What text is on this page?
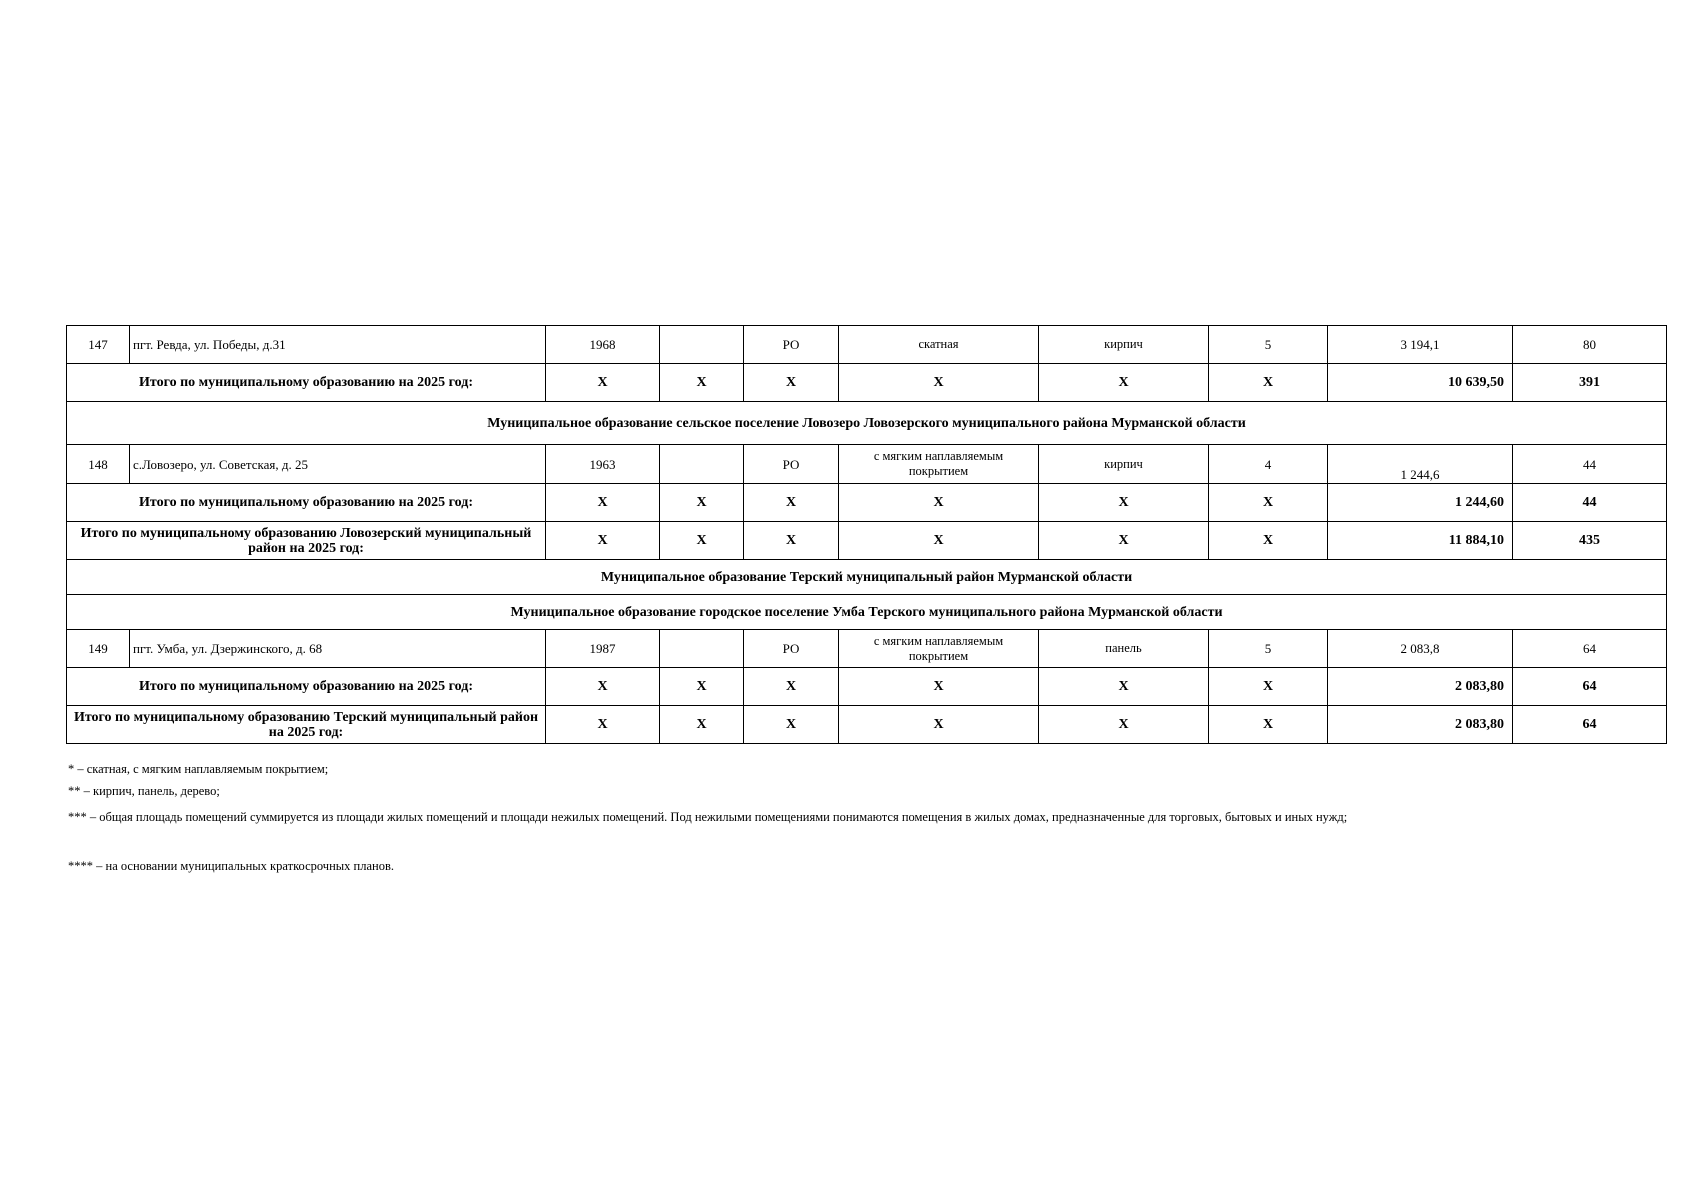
147	пгт. Ревда, ул. Победы, д.31	1968		РО	скатная	кирпич	5	3 194,1	80
Итого по муниципальному образованию на 2025 год:		X	X	X	X	X	X	10 639,50	391
Муниципальное образование сельское поселение Ловозеро Ловозерского муниципального района Мурманской области									
148	с.Ловозеро, ул. Советская, д. 25	1963		РО	с мягким наплавляемым покрытием	кирпич	4	1 244,6	44
Итого по муниципальному образованию на 2025 год:		X	X	X	X	X	X	1 244,60	44
Итого по муниципальному образованию Ловозерский муниципальный район на 2025 год:		X	X	X	X	X	X	11 884,10	435
Муниципальное образование Терский муниципальный район Мурманской области									
Муниципальное образование городское поселение Умба Терского муниципального района Мурманской области									
149	пгт. Умба, ул. Дзержинского, д. 68	1987		РО	с мягким наплавляемым покрытием	панель	5	2 083,8	64
Итого по муниципальному образованию на 2025 год:		X	X	X	X	X	X	2 083,80	64
Итого по муниципальному образованию Терский муниципальный район на 2025 год:		X	X	X	X	X	X	2 083,80	64
* – скатная, с мягким наплавляемым покрытием;
** – кирпич, панель, дерево;
*** – общая площадь помещений суммируется из площади жилых помещений и площади нежилых помещений. Под нежилыми помещениями понимаются помещения в жилых домах, предназначенные для торговых, бытовых и иных нужд;
**** – на основании муниципальных краткосрочных планов.
